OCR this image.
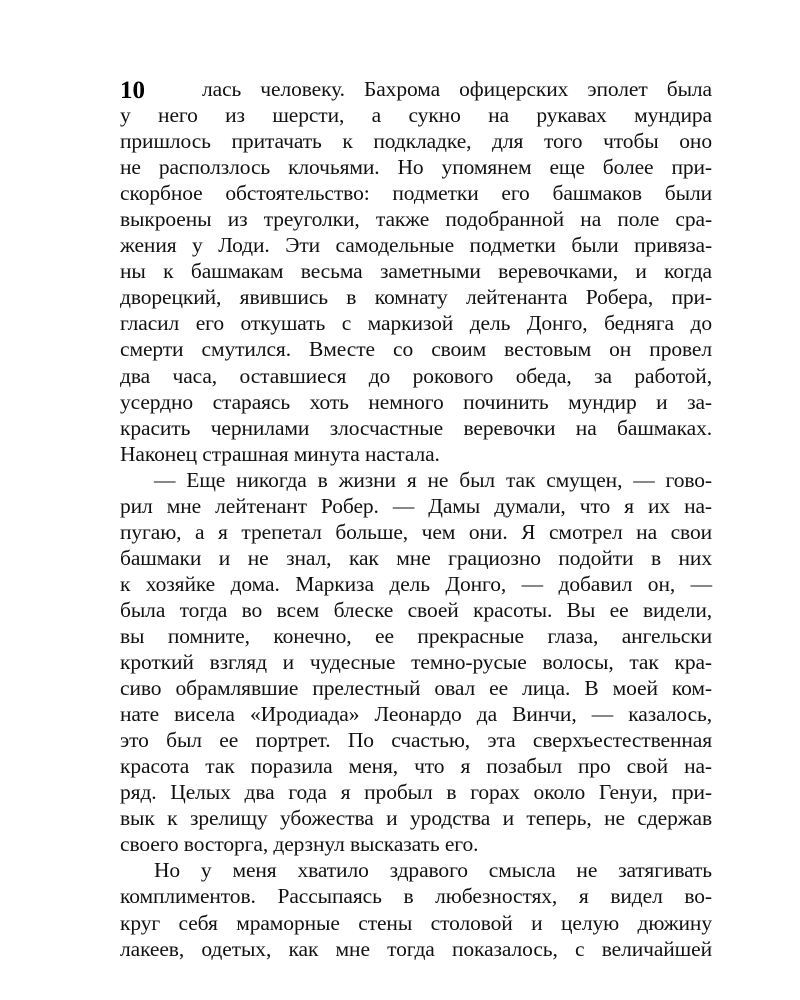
10	лась человеку. Бахрома офицерских эполет была
у него из шерсти, а сукно на рукавах мундира
пришлось притачать к подкладке, для того чтобы оно
не расползлось клочьями. Но упомянем еще более при-
скорбное обстоятельство: подметки его башмаков были
выкроены из треуголки, также подобранной на поле сра-
жения у Лоди. Эти самодельные подметки были привяза-
ны к башмакам весьма заметными веревочками, и когда
дворецкий, явившись в комнату лейтенанта Робера, при-
гласил его откушать с маркизой дель Донго, бедняга до
смерти смутился. Вместе со своим вестовым он провел
два часа, оставшиеся до рокового обеда, за работой,
усердно стараясь хоть немного починить мундир и за-
красить чернилами злосчастные веревочки на башмаках.
Наконец страшная минута настала.
— Еще никогда в жизни я не был так смущен, — гово-
рил мне лейтенант Робер. — Дамы думали, что я их на-
пугаю, а я трепетал больше, чем они. Я смотрел на свои
башмаки и не знал, как мне грациозно подойти в них
к хозяйке дома. Маркиза дель Донго, — добавил он, —
была тогда во всем блеске своей красоты. Вы ее видели,
вы помните, конечно, ее прекрасные глаза, ангельски
кроткий взгляд и чудесные темно-русые волосы, так кра-
сиво обрамлявшие прелестный овал ее лица. В моей ком-
нате висела «Иродиада» Леонардо да Винчи, — казалось,
это был ее портрет. По счастью, эта сверхъестественная
красота так поразила меня, что я позабыл про свой на-
ряд. Целых два года я пробыл в горах около Генуи, при-
вык к зрелищу убожества и уродства и теперь, не сдержав
своего восторга, дерзнул высказать его.
Но у меня хватило здравого смысла не затягивать
комплиментов. Рассыпаясь в любезностях, я видел во-
круг себя мраморные стены столовой и целую дюжину
лакеев, одетых, как мне тогда показалось, с величайшей
